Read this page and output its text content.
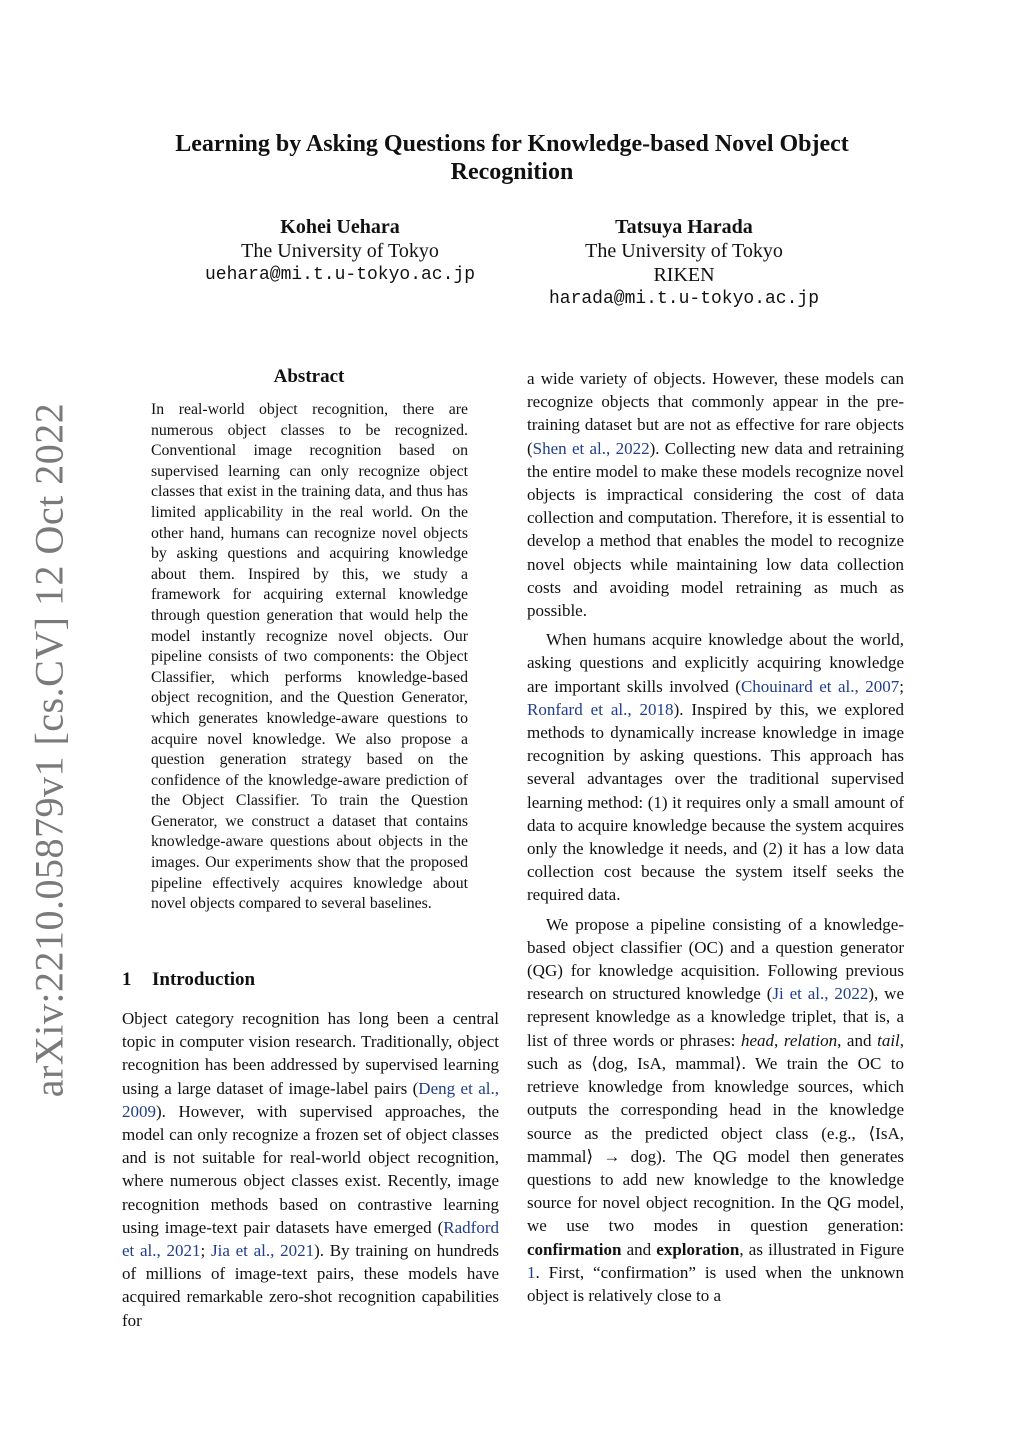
arXiv:2210.05879v1 [cs.CV] 12 Oct 2022
Learning by Asking Questions for Knowledge-based Novel Object Recognition
Kohei Uehara
The University of Tokyo
uehara@mi.t.u-tokyo.ac.jp
Tatsuya Harada
The University of Tokyo
RIKEN
harada@mi.t.u-tokyo.ac.jp
Abstract
In real-world object recognition, there are numerous object classes to be recognized. Conventional image recognition based on supervised learning can only recognize object classes that exist in the training data, and thus has limited applicability in the real world. On the other hand, humans can recognize novel objects by asking questions and acquiring knowledge about them. Inspired by this, we study a framework for acquiring external knowledge through question generation that would help the model instantly recognize novel objects. Our pipeline consists of two components: the Object Classifier, which performs knowledge-based object recognition, and the Question Generator, which generates knowledge-aware questions to acquire novel knowledge. We also propose a question generation strategy based on the confidence of the knowledge-aware prediction of the Object Classifier. To train the Question Generator, we construct a dataset that contains knowledge-aware questions about objects in the images. Our experiments show that the proposed pipeline effectively acquires knowledge about novel objects compared to several baselines.
1 Introduction

Object category recognition has long been a central topic in computer vision research. Traditionally, object recognition has been addressed by supervised learning using a large dataset of image-label pairs (Deng et al., 2009). However, with supervised approaches, the model can only recognize a frozen set of object classes and is not suitable for real-world object recognition, where numerous object classes exist. Recently, image recognition methods based on contrastive learning using image-text pair datasets have emerged (Radford et al., 2021; Jia et al., 2021). By training on hundreds of millions of image-text pairs, these models have acquired remarkable zero-shot recognition capabilities for

a wide variety of objects. However, these models can recognize objects that commonly appear in the pre-training dataset but are not as effective for rare objects (Shen et al., 2022). Collecting new data and retraining the entire model to make these models recognize novel objects is impractical considering the cost of data collection and computation. Therefore, it is essential to develop a method that enables the model to recognize novel objects while maintaining low data collection costs and avoiding model retraining as much as possible.

When humans acquire knowledge about the world, asking questions and explicitly acquiring knowledge are important skills involved (Chouinard et al., 2007; Ronfard et al., 2018). Inspired by this, we explored methods to dynamically increase knowledge in image recognition by asking questions. This approach has several advantages over the traditional supervised learning method: (1) it requires only a small amount of data to acquire knowledge because the system acquires only the knowledge it needs, and (2) it has a low data collection cost because the system itself seeks the required data.

We propose a pipeline consisting of a knowledge-based object classifier (OC) and a question generator (QG) for knowledge acquisition. Following previous research on structured knowledge (Ji et al., 2022), we represent knowledge as a knowledge triplet, that is, a list of three words or phrases: head, relation, and tail, such as ⟨dog, IsA, mammal⟩. We train the OC to retrieve knowledge from knowledge sources, which outputs the corresponding head in the knowledge source as the predicted object class (e.g., ⟨IsA, mammal⟩ → dog). The QG model then generates questions to add new knowledge to the knowledge source for novel object recognition. In the QG model, we use two modes in question generation: confirmation and exploration, as illustrated in Figure 1. First, “confirmation” is used when the unknown object is relatively close to a
